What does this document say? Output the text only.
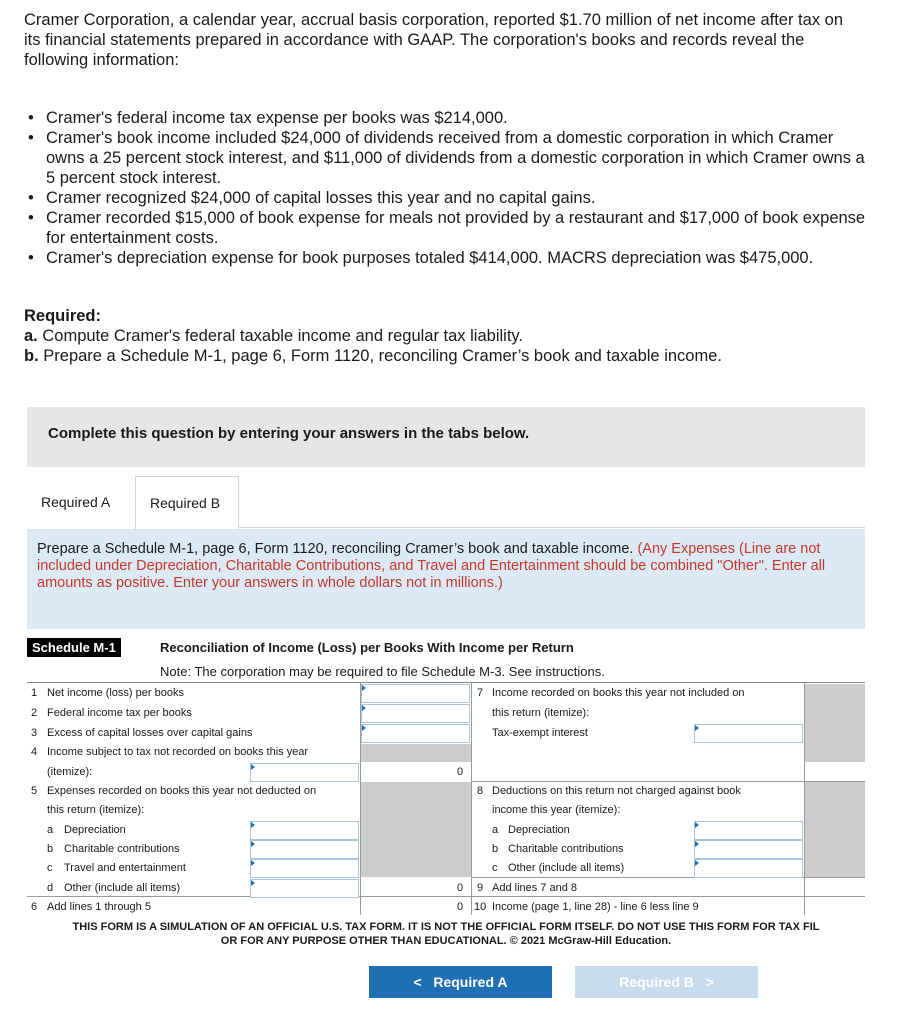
Cramer Corporation, a calendar year, accrual basis corporation, reported $1.70 million of net income after tax on its financial statements prepared in accordance with GAAP. The corporation's books and records reveal the following information:
• Cramer's federal income tax expense per books was $214,000.
• Cramer's book income included $24,000 of dividends received from a domestic corporation in which Cramer owns a 25 percent stock interest, and $11,000 of dividends from a domestic corporation in which Cramer owns a 5 percent stock interest.
• Cramer recognized $24,000 of capital losses this year and no capital gains.
• Cramer recorded $15,000 of book expense for meals not provided by a restaurant and $17,000 of book expense for entertainment costs.
• Cramer's depreciation expense for book purposes totaled $414,000. MACRS depreciation was $475,000.
Required:
a. Compute Cramer's federal taxable income and regular tax liability.
b. Prepare a Schedule M-1, page 6, Form 1120, reconciling Cramer’s book and taxable income.
Complete this question by entering your answers in the tabs below.
Required A	Required B
Prepare a Schedule M-1, page 6, Form 1120, reconciling Cramer’s book and taxable income. (Any Expenses (Line are not included under Depreciation, Charitable Contributions, and Travel and Entertainment should be combined "Other". Enter all amounts as positive. Enter your answers in whole dollars not in millions.)
Schedule M-1	Reconciliation of Income (Loss) per Books With Income per Return
Note: The corporation may be required to file Schedule M-3. See instructions.
1 Net income (loss) per books
2 Federal income tax per books
3 Excess of capital losses over capital gains
4 Income subject to tax not recorded on books this year
(itemize):	0
5 Expenses recorded on books this year not deducted on
this return (itemize):
a Depreciation
b Charitable contributions
c Travel and entertainment
d Other (include all items)	0
6 Add lines 1 through 5	0
7 Income recorded on books this year not included on
this return (itemize):
Tax-exempt interest
8 Deductions on this return not charged against book
income this year (itemize):
a Depreciation
b Charitable contributions
c Other (include all items)
9 Add lines 7 and 8
10 Income (page 1, line 28) - line 6 less line 9
THIS FORM IS A SIMULATION OF AN OFFICIAL U.S. TAX FORM. IT IS NOT THE OFFICIAL FORM ITSELF. DO NOT USE THIS FORM FOR TAX FIL
OR FOR ANY PURPOSE OTHER THAN EDUCATIONAL. © 2021 McGraw-Hill Education.
< Required A	Required B >
